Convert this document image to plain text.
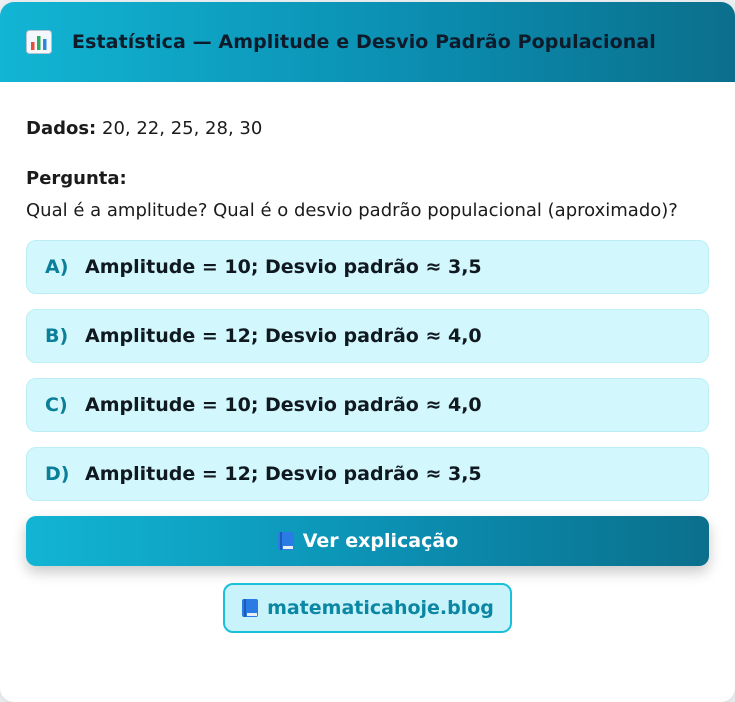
Estatística — Amplitude e Desvio Padrão Populacional
Dados: 20, 22, 25, 28, 30
Pergunta:
Qual é a amplitude? Qual é o desvio padrão populacional (aproximado)?
A) Amplitude = 10; Desvio padrão ≈ 3,5
B) Amplitude = 12; Desvio padrão ≈ 4,0
C) Amplitude = 10; Desvio padrão ≈ 4,0
D) Amplitude = 12; Desvio padrão ≈ 3,5
Ver explicação
matematicahoje.blog
